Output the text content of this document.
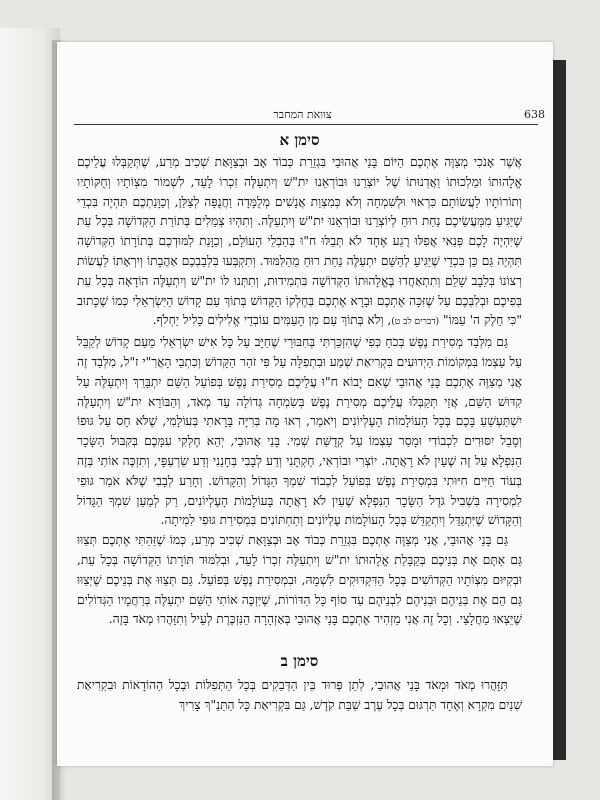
צוואת המחבר	638
סימן א

אֲשֶׁר אָנֹכִי מְצַוֶּה אֶתְכֶם הַיּוֹם בָּנַי אֲהוּבַי בִּגְזֵרַת כְּבוֹד אָב וּבְצַוָּאַת שְׁכִיב מְרַע, שֶׁתְּקַבְּלוּ עֲלֵיכֶם אֱלָהוּתוֹ וּמַלְכוּתוֹ וַאֲדְנוּתוֹ שֶׁל יוֹצְרֵנוּ וּבוֹרְאֵנוּ יִת"שׁ וְיִתְעַלֶּה זִכְרוֹ לָעַד, לִשְׁמוֹר מִצְוֹתָיו וְחֻקּוֹתָיו וְתוֹרוֹתָיו לַעֲשׂוֹתָם כִּרְאוּי וּלְשִׁמְחָה וְלֹא כְּמִצְוַת אֲנָשִׁים מְלֻמָּדָה וַחֲנֻפָּה לְצַלַּן, וְכַוָּנַתְכֶם תִּהְיֶה בִּכְדֵי שֶׁיַּגִּיעַ מִמַּעֲשֵׂיכֶם נַחַת רוּחַ לְיוֹצְרֵנוּ וּבוֹרְאֵנוּ יִת"שׁ וְיִתְעַלֶּה. וְתִהְיוּ צְמֵלִים בְּתוֹרַת הַקְּדוֹשָׁה בְּכָל עֵת שֶׁיִּהְיֶה לָכֶם פְּנַאי אֲפִלּוּ רֶגַע אֶחָד לֹא תְּבַלּוּ ח"וּ בְּהַבְלֵי הָעוֹלָם, וְכַוָּנַת לִמּוּדְכֶם בְּתוֹרָתוֹ הַקְּדוֹשָׁה תִּהְיֶה גַּם כֵּן בִּכְדֵי שֶׁיַּגִּיעַ לְהַשֵּׁם יִתְעַלֶּה נַחַת רוּחַ מֵהַלִּמּוּד. וְתִקְבְּעוּ בִּלְבַבְכֶם אַהֲבָתוֹ וְיִרְאָתוֹ לַעֲשׂוֹת רְצוֹנוֹ בְּלֵבָב שָׁלֵם וְתִתְאַחֲדוּ בֶּאֱלָהוּתוֹ הַקְּדוֹשָׁה בִּתְמִידוּת, וְתִתְּנוּ לוֹ יִת"שׁ וְיִתְעַלֶּה הוֹדָאָה בְּכָל עֵת בְּפִיכֶם וּבְלִבְּכֶם עַל שֶׁזִּכָּה אֶתְכֶם וּבָרָא אֶתְכֶם בְּחֶלְקוֹ הַקָּדוֹשׁ בְּתוֹךְ עַם קָדוֹשׁ הַיִּשְׂרְאֵלִי כְּמוֹ שֶׁכָּתוּב "כִּי חֵלֶק ה' עַמּוֹ" (דברים לב ט), וְלֹא בְּתוֹךְ עַם מִן הָעַמִּים עוֹבְדֵי אֱלִילִים כָּלִיל יַחְלֹף.

גַּם מִלְּבַד מְסִירַת נֶפֶשׁ בְּכֹחַ כְּפִי שֶׁהִזְכַּרְתִּי בְּחִבּוּרַי שֶׁחַיָּב עַל כָּל אִישׁ יִשְׂרְאֵלִי מֵעַם קָדוֹשׁ לְקַבֵּל עַל עַצְמוֹ בִּמְקוֹמוֹת הַיְדוּעִים בִּקְרִיאַת שְׁמַע וּבִתְפִלָּה עַל פִּי זֹהַר הַקָּדוֹשׁ וְכִתְבֵי הָאֲרִ"י ז"ל, מִלְּבַד זֶה אֲנִי מְצַוֶּה אֶתְכֶם בָּנַי אֲהוּבַי שֶׁאִם יָבוֹא ח"וּ עֲלֵיכֶם מְסִירַת נֶפֶשׁ בְּפוֹעַל הַשֵּׁם יִתְבָּרֵךְ וְיִתְעַלֶּה עַל קִדּוּשׁ הַשֵּׁם, אֲזַי תְּקַבְּלוּ עֲלֵיכֶם מְסִירַת נֶפֶשׁ בְּשִׂמְחָה גְּדוֹלָה עַד מְאֹד, וְהַבּוֹרֵא יִת"שׁ וְיִתְעַלֶּה יִשְׁתַּעְשֵׁעַ בָּכֶם בְּכָל הָעוֹלָמוֹת הָעֶלְיוֹנִים וְיֹאמַר, רְאוּ מָה בְּרִיָּה בָּרָאתִי בְּעוֹלָמִי, שֶׁלֹּא חָס עַל גּוּפוֹ וְסָבַל יִסּוּרִים לִכְבוֹדִי וּמָסַר עַצְמוֹ עַל קְדֻשַּׁת שְׁמִי. בָּנַי אֲהוּבַי, יְהֵא חֶלְקִי עִמָּכֶם בְּקִבּוּל הַשָּׂכָר הַנִּפְלָא עַל זֶה שֶׁעַיִן לֹא רָאֲתָה. יוֹצְרִי וּבוֹרְאִי, חֶקְתָּנִי וְדַע לְבָבִי בְּחָנֵנִי וְדַע שַׂרְעַפָּי, וְתִזְכֶּה אוֹתִי בְּזֶה בְּעוֹד חַיִּים חִיּוּתִי בִּמְסִירַת נֶפֶשׁ בְּפוֹעַל לִכְבוֹד שִׁמְךָ הַגָּדוֹל וְהַקָּדוֹשׁ. וְחָרַע לְבָבִי שֶׁלֹּא אֹמַר גּוּפִי לִמְסִירָה בִּשְׁבִיל גֹּדֶל הַשָּׂכָר הַנִּפְלָא שֶׁעַיִן לֹא רָאֲתָה בָּעוֹלָמוֹת הָעֶלְיוֹנִים, רַק לְמַעַן שִׁמְךָ הַגָּדוֹל וְהַקָּדוֹשׁ שֶׁיִּתְגַּדֵּל וְיִתְקַדֵּשׁ בְּכָל הָעוֹלָמוֹת עֶלְיוֹנִים וְתַחְתּוֹנִים בִּמְסִירַת גּוּפִי לִמְיתָה.

גַּם בָּנַי אֲהוּבַי, אֲנִי מְצַוֶּה אֶתְכֶם בִּגְזֵרַת כְּבוֹד אָב וּבְצַוָּאַת שְׁכִיב מְרַע, כְּמוֹ שֶׁזֵּהַתִּי אֶתְכֶם תְּצַוּוּ גַּם אַתֶּם אֶת בְּנֵיכֶם בְּקַבָּלַת אֱלָהוּתוֹ יִת"שׁ וְיִתְעַלֶּה זִכְרוֹ לָעַד, וּבְלִמּוּד תּוֹרָתוֹ הַקְּדוֹשָׁה בְּכָל עֵת, וּבְקִיּוּם מִצְוֹתָיו הַקְּדוֹשִׁים בְּכָל הַדִּקְדּוּקִים לִשְׁמָהּ, וּבִמְסִירַת נֶפֶשׁ בְּפוֹעַל. גַּם תְּצַוּוּ אֶת בְּנֵיכֶם שֶׁיְּצַוּוּ גַּם הֵם אֶת בְּנֵיהֶם וּבְנֵיהֶם לִבְנֵיהֶם עַד סוֹף כָּל הַדּוֹרוֹת, שֶׁיִּזְכֶּה אוֹתִי הַשֵּׁם יִתְעַלֶּה בְּרַחֲמָיו הַגְּדוֹלִים שֶׁיֵּצְאוּ מֵחֲלָצַי. וְכָל זֶה אֲנִי מַזְהִיר אֶתְכֶם בָּנַי אֲהוּבַי בְּאַזְהָרָה הַנִּזְכֶּרֶת לְעֵיל וְתִזָּהֲרוּ מְאֹד בָּזֶה.

סימן ב

תִּזָּהֲרוּ מְאֹד וּמְאֹד בָּנַי אֲהוּבַי, לְתַן פְּרוּד בֵּין הַדְּבֵקִים בְּכָל הַתְּפִלּוֹת וּבְכָל הַהוֹדָאוֹת וּבִקְרִיאַת שְׁנַיִם מִקְרָא וְאֶחָד תַּרְגּוּם בְּכָל עֶרֶב שַׁבַּת קֹדֶשׁ, גַּם בִּקְרִיאַת כָּל הַתַּנַ"ךְ צָרִיךְ
